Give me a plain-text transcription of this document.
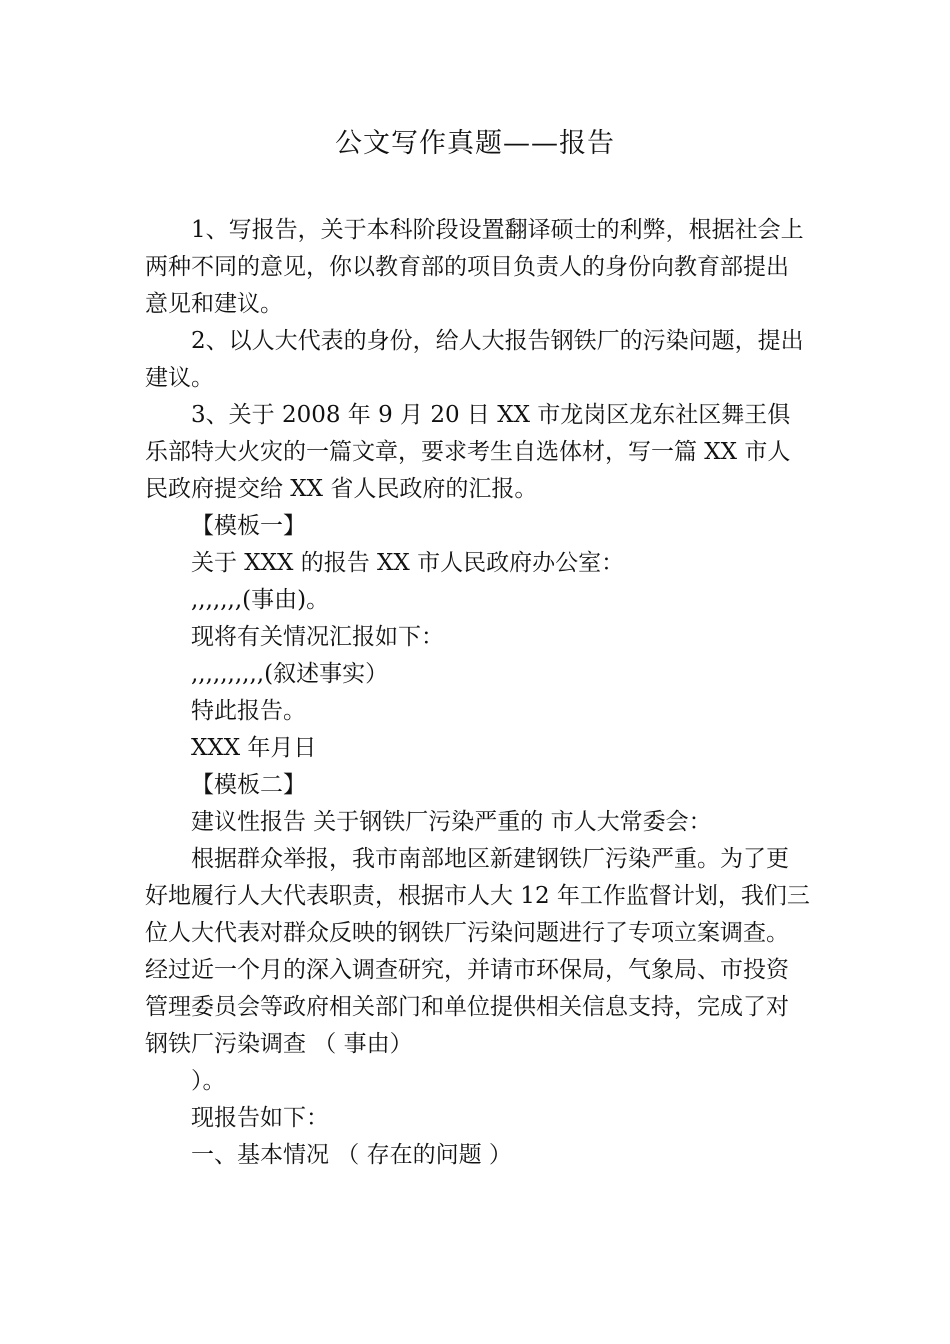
公文写作真题——报告

1、写报告，关于本科阶段设置翻译硕士的利弊，根据社会上两种不同的意见，你以教育部的项目负责人的身份向教育部提出意见和建议。

2、以人大代表的身份，给人大报告钢铁厂的污染问题，提出建议。

3、关于 2008 年 9 月 20 日 XX 市龙岗区龙东社区舞王俱乐部特大火灾的一篇文章，要求考生自选体材，写一篇 XX 市人民政府提交给 XX 省人民政府的汇报。

【模板一】

关于 XXX 的报告 XX 市人民政府办公室：

,,,,,,,(事由)。

现将有关情况汇报如下：

,,,,,,,,,,(叙述事实）

特此报告。

XXX 年月日

【模板二】

建议性报告 关于钢铁厂污染严重的 市人大常委会：

根据群众举报，我市南部地区新建钢铁厂污染严重。为了更好地履行人大代表职责，根据市人大 12 年工作监督计划，我们三位人大代表对群众反映的钢铁厂污染问题进行了专项立案调查。经过近一个月的深入调查研究，并请市环保局，气象局、市投资管理委员会等政府相关部门和单位提供相关信息支持，完成了对钢铁厂污染调查 （ 事由）

）。

现报告如下：

一、基本情况 （ 存在的问题 ）
